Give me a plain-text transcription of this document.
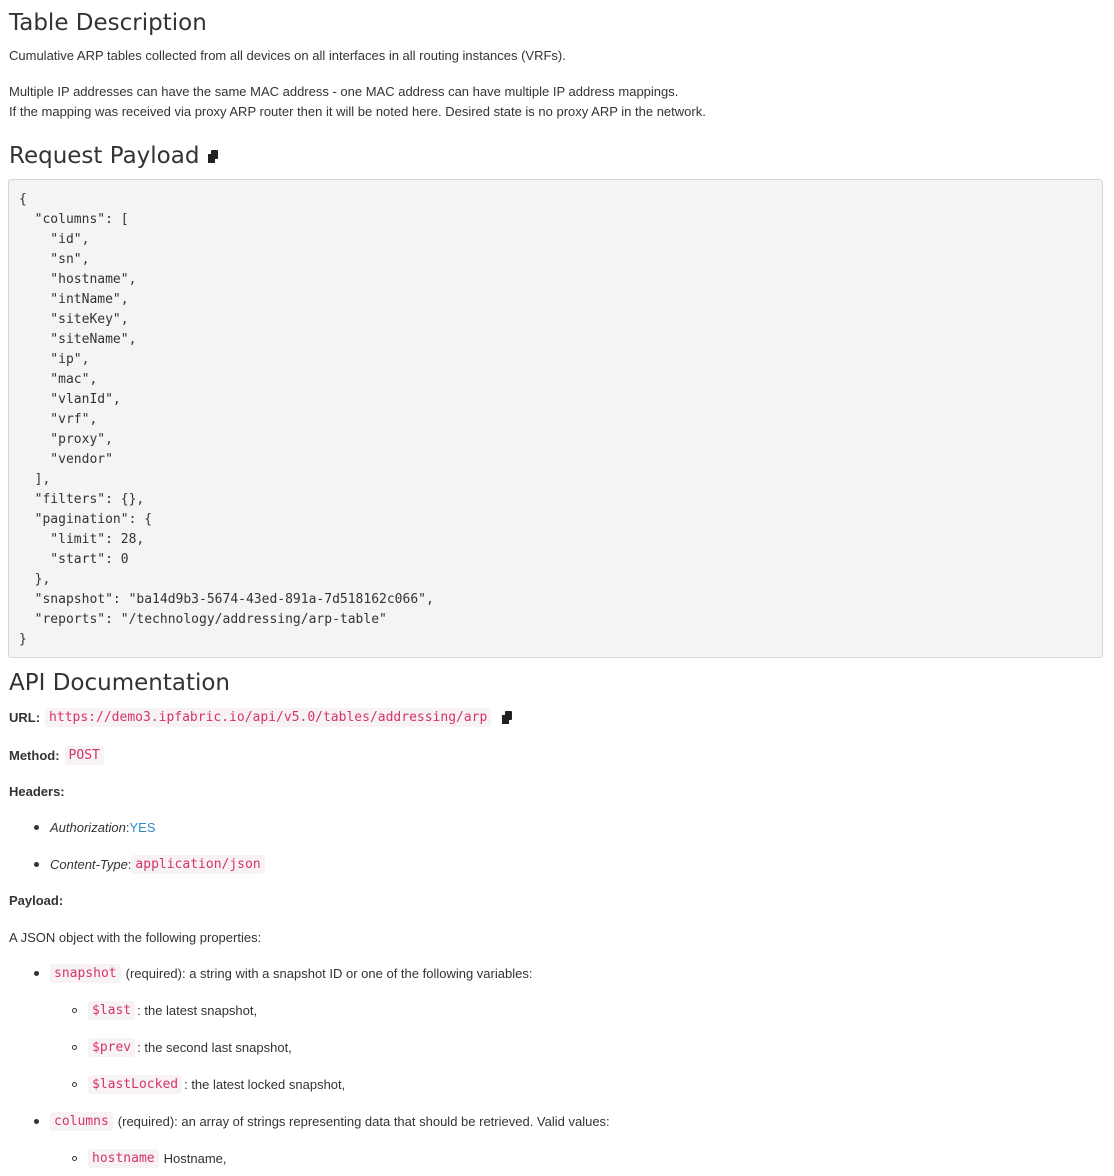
Table Description
Cumulative ARP tables collected from all devices on all interfaces in all routing instances (VRFs).
Multiple IP addresses can have the same MAC address - one MAC address can have multiple IP address mappings.
If the mapping was received via proxy ARP router then it will be noted here. Desired state is no proxy ARP in the network.
Request Payload
{
"columns": [
"id",
"sn",
"hostname",
"intName",
"siteKey",
"siteName",
"ip",
"mac",
"vlanId",
"vrf",
"proxy",
"vendor"
],
"filters": {},
"pagination": {
"limit": 28,
"start": 0
},
"snapshot": "ba14d9b3-5674-43ed-891a-7d518162c066",
"reports": "/technology/addressing/arp-table"
}
API Documentation
URL: https://demo3.ipfabric.io/api/v5.0/tables/addressing/arp
Method: POST
Headers:
Authorization : YES
Content-Type : application/json
Payload:
A JSON object with the following properties:
snapshot (required): a string with a snapshot ID or one of the following variables:
$last : the latest snapshot,
$prev : the second last snapshot,
$lastLocked : the latest locked snapshot,
columns (required): an array of strings representing data that should be retrieved. Valid values:
hostname Hostname,
